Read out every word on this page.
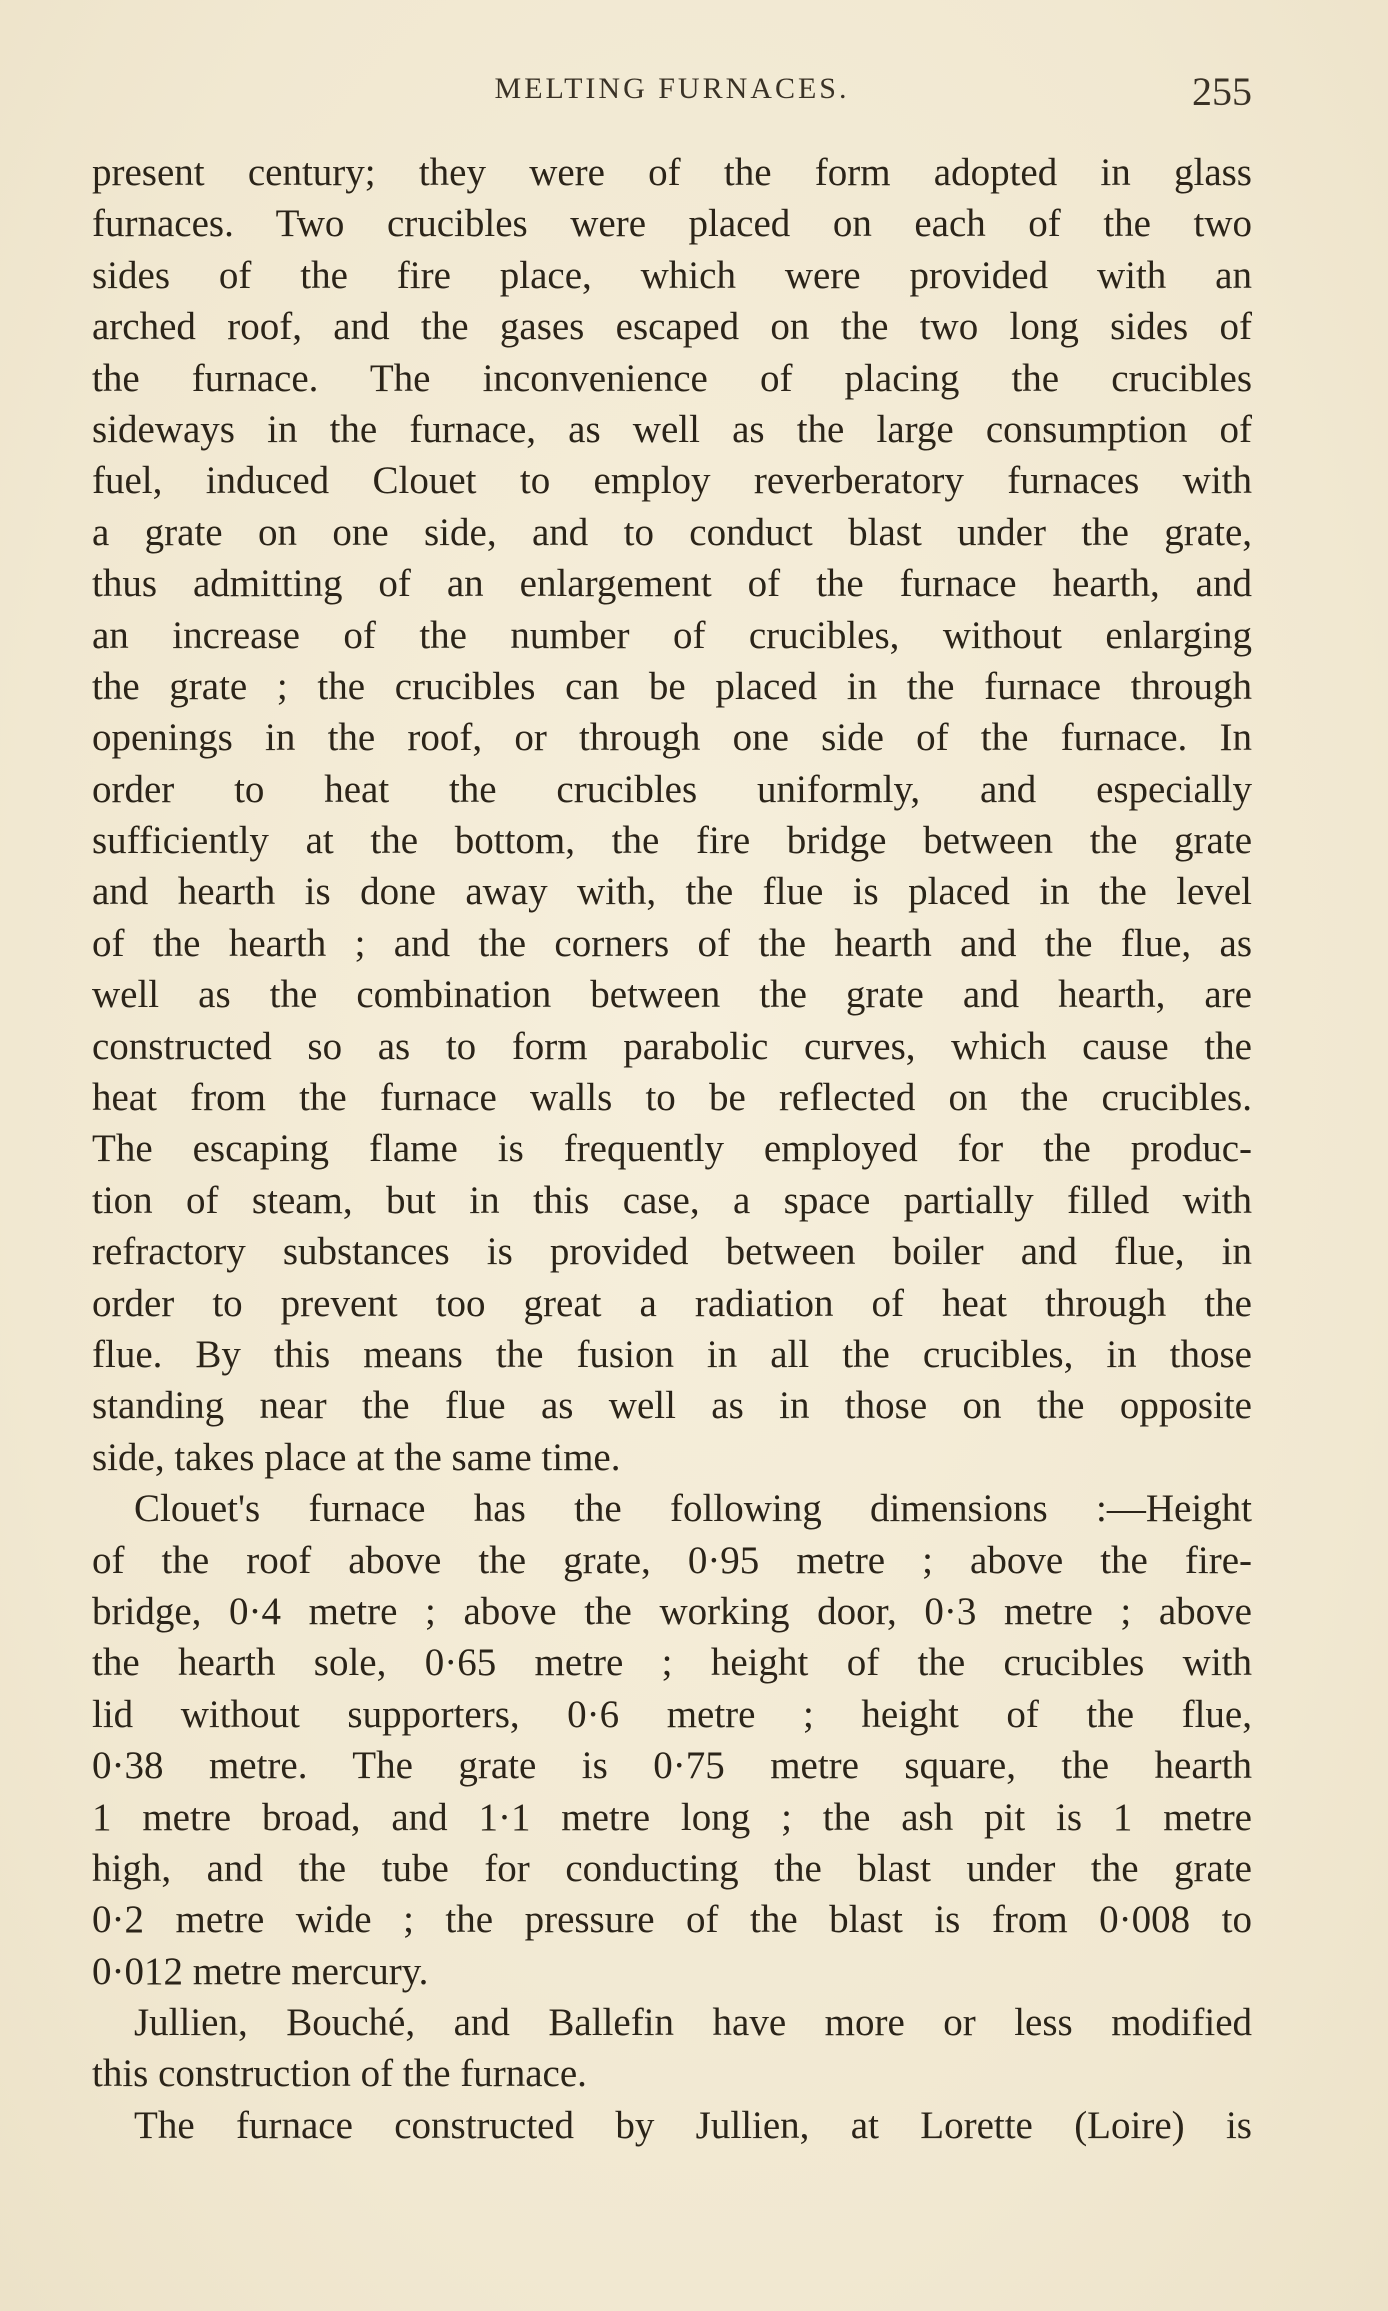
MELTING FURNACES.	255
present century; they were of the form adopted in glass
furnaces. Two crucibles were placed on each of the two
sides of the fire place, which were provided with an
arched roof, and the gases escaped on the two long sides of
the furnace. The inconvenience of placing the crucibles
sideways in the furnace, as well as the large consumption of
fuel, induced Clouet to employ reverberatory furnaces with
a grate on one side, and to conduct blast under the grate,
thus admitting of an enlargement of the furnace hearth, and
an increase of the number of crucibles, without enlarging
the grate ; the crucibles can be placed in the furnace through
openings in the roof, or through one side of the furnace. In
order to heat the crucibles uniformly, and especially
sufficiently at the bottom, the fire bridge between the grate
and hearth is done away with, the flue is placed in the level
of the hearth ; and the corners of the hearth and the flue, as
well as the combination between the grate and hearth, are
constructed so as to form parabolic curves, which cause the
heat from the furnace walls to be reflected on the crucibles.
The escaping flame is frequently employed for the produc-
tion of steam, but in this case, a space partially filled with
refractory substances is provided between boiler and flue, in
order to prevent too great a radiation of heat through the
flue. By this means the fusion in all the crucibles, in those
standing near the flue as well as in those on the opposite
side, takes place at the same time.
Clouet's furnace has the following dimensions :—Height
of the roof above the grate, 0·95 metre ; above the fire-
bridge, 0·4 metre ; above the working door, 0·3 metre ; above
the hearth sole, 0·65 metre ; height of the crucibles with
lid without supporters, 0·6 metre ; height of the flue,
0·38 metre. The grate is 0·75 metre square, the hearth
1 metre broad, and 1·1 metre long ; the ash pit is 1 metre
high, and the tube for conducting the blast under the grate
0·2 metre wide ; the pressure of the blast is from 0·008 to
0·012 metre mercury.
Jullien, Bouché, and Ballefin have more or less modified
this construction of the furnace.
The furnace constructed by Jullien, at Lorette (Loire) is
